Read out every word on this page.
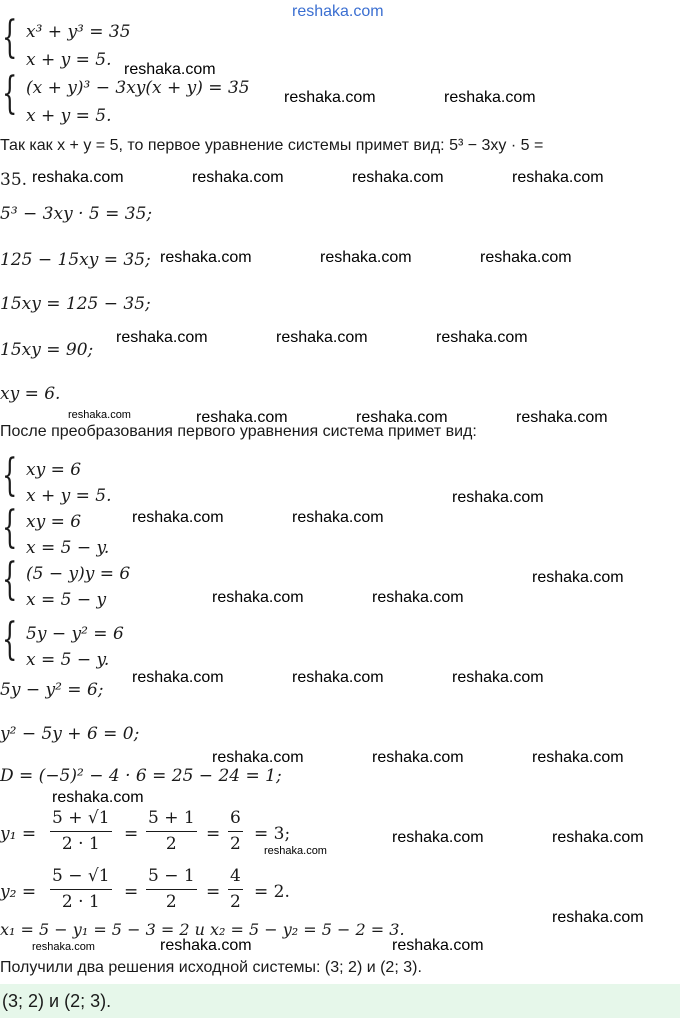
reshaka.com
{ x³ + y³ = 35
x + y = 5.
{ (x + y)³ − 3xy(x + y) = 35
x + y = 5.
reshaka.com
reshaka.com	reshaka.com
Так как x + y = 5, то первое уравнение системы примет вид: 5³ − 3xy · 5 =
35. reshaka.com	reshaka.com	reshaka.com	reshaka.com
5³ − 3xy · 5 = 35;
125 − 15xy = 35; reshaka.com	reshaka.com	reshaka.com
15xy = 125 − 35;
15xy = 90;
reshaka.com	reshaka.com	reshaka.com
xy = 6.
reshaka.com	reshaka.com	reshaka.com	reshaka.com
После преобразования первого уравнения система примет вид:
{ xy = 6
x + y = 5.	reshaka.com
{ xy = 6
x = 5 − y.
reshaka.com	reshaka.com
{ (5 − y)y = 6
x = 5 − y
reshaka.com
reshaka.com	reshaka.com
{ 5y − y² = 6
x = 5 − y.
5y − y² = 6;
reshaka.com	reshaka.com	reshaka.com
y² − 5y + 6 = 0;
reshaka.com	reshaka.com	reshaka.com
D = (−5)² − 4 · 6 = 25 − 24 = 1;
reshaka.com
y₁ =
5 + √1
2 · 1	=
5 + 1
2	=
6
2 = 3;
reshaka.com
reshaka.com	reshaka.com
y₂ =
5 − √1
2 · 1	=
5 − 1
2	=
4
2 = 2.
reshaka.com
x₁ = 5 − y₁ = 5 − 3 = 2 и x₂ = 5 − y₂ = 5 − 2 = 3.
reshaka.com	reshaka.com	reshaka.com
Получили два решения исходной системы: (3; 2) и (2; 3).
(3; 2) и (2; 3).
